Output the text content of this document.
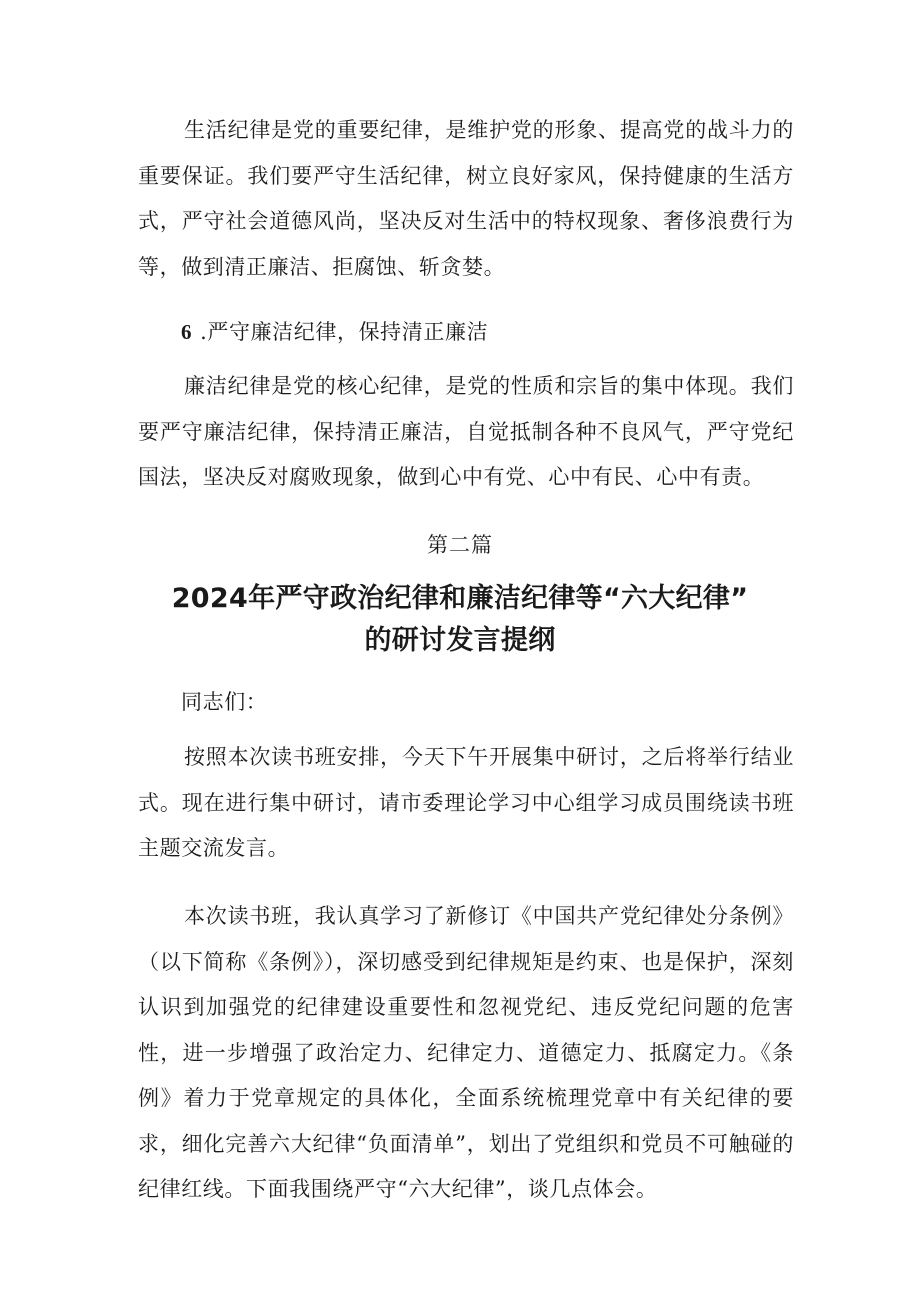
生活纪律是党的重要纪律，是维护党的形象、提高党的战斗力的重要保证。我们要严守生活纪律，树立良好家风，保持健康的生活方式，严守社会道德风尚，坚决反对生活中的特权现象、奢侈浪费行为等，做到清正廉洁、拒腐蚀、斩贪婪。

6 .严守廉洁纪律，保持清正廉洁

廉洁纪律是党的核心纪律，是党的性质和宗旨的集中体现。我们要严守廉洁纪律，保持清正廉洁，自觉抵制各种不良风气，严守党纪国法，坚决反对腐败现象，做到心中有党、心中有民、心中有责。

第二篇

2024年严守政治纪律和廉洁纪律等“六大纪律”
的研讨发言提纲

同志们：

按照本次读书班安排，今天下午开展集中研讨，之后将举行结业式。现在进行集中研讨，请市委理论学习中心组学习成员围绕读书班主题交流发言。

本次读书班，我认真学习了新修订《中国共产党纪律处分条例》（以下简称《条例》），深切感受到纪律规矩是约束、也是保护，深刻认识到加强党的纪律建设重要性和忽视党纪、违反党纪问题的危害性，进一步增强了政治定力、纪律定力、道德定力、抵腐定力。《条例》着力于党章规定的具体化，全面系统梳理党章中有关纪律的要求，细化完善六大纪律“负面清单”，划出了党组织和党员不可触碰的纪律红线。下面我围绕严守“六大纪律”，谈几点体会。
